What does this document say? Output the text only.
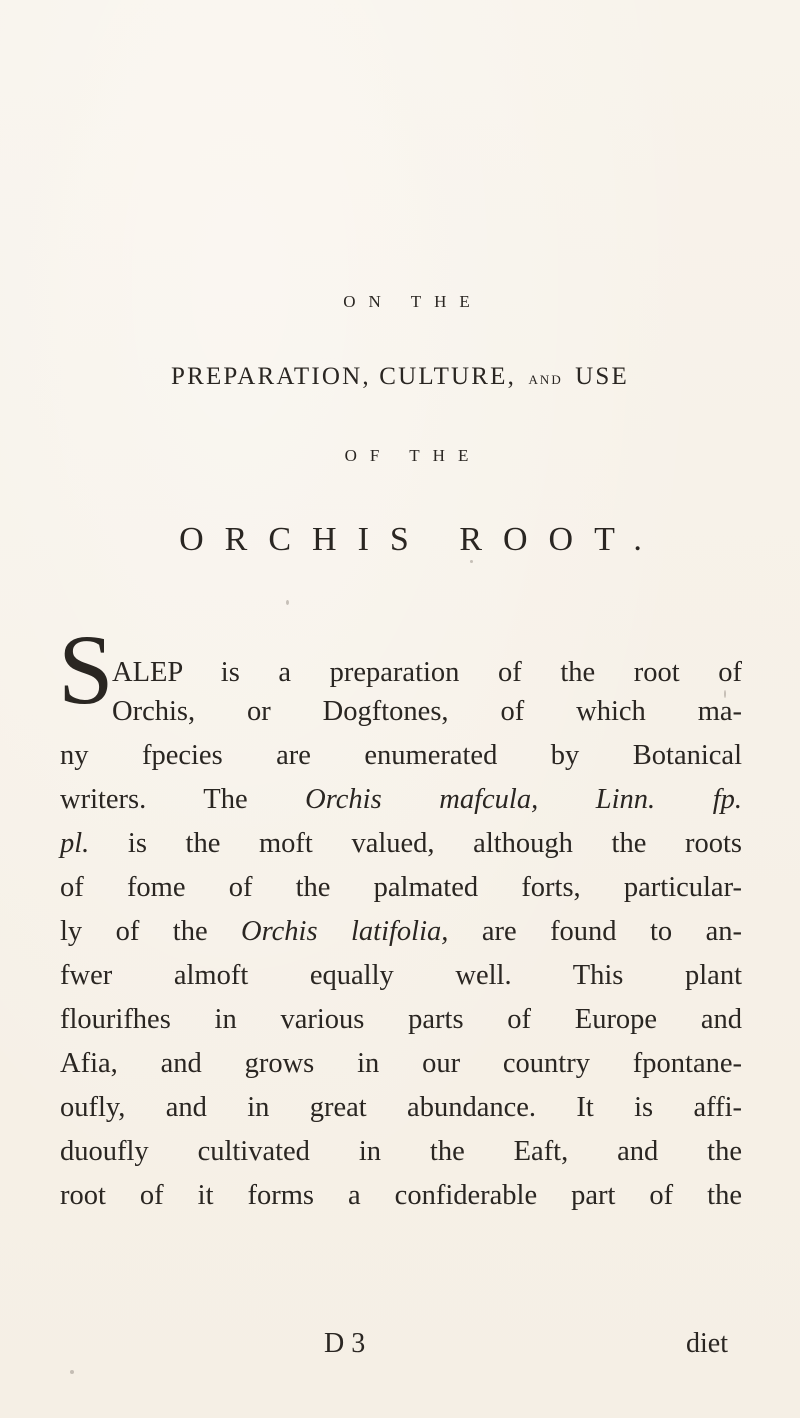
ON THE
PREPARATION, CULTURE, AND USE
OF THE
ORCHIS ROOT.
S
ALEP is a preparation of the root of
Orchis, or Dogftones, of which ma-
ny fpecies are enumerated by Botanical
writers. The Orchis mafcula, Linn. fp.
pl. is the moft valued, although the roots
of fome of the palmated forts, particular-
ly of the Orchis latifolia, are found to an-
fwer almoft equally well. This plant
flourifhes in various parts of Europe and
Afia, and grows in our country fpontane-
oufly, and in great abundance. It is affi-
duoufly cultivated in the Eaft, and the
root of it forms a confiderable part of the
D 3	diet
